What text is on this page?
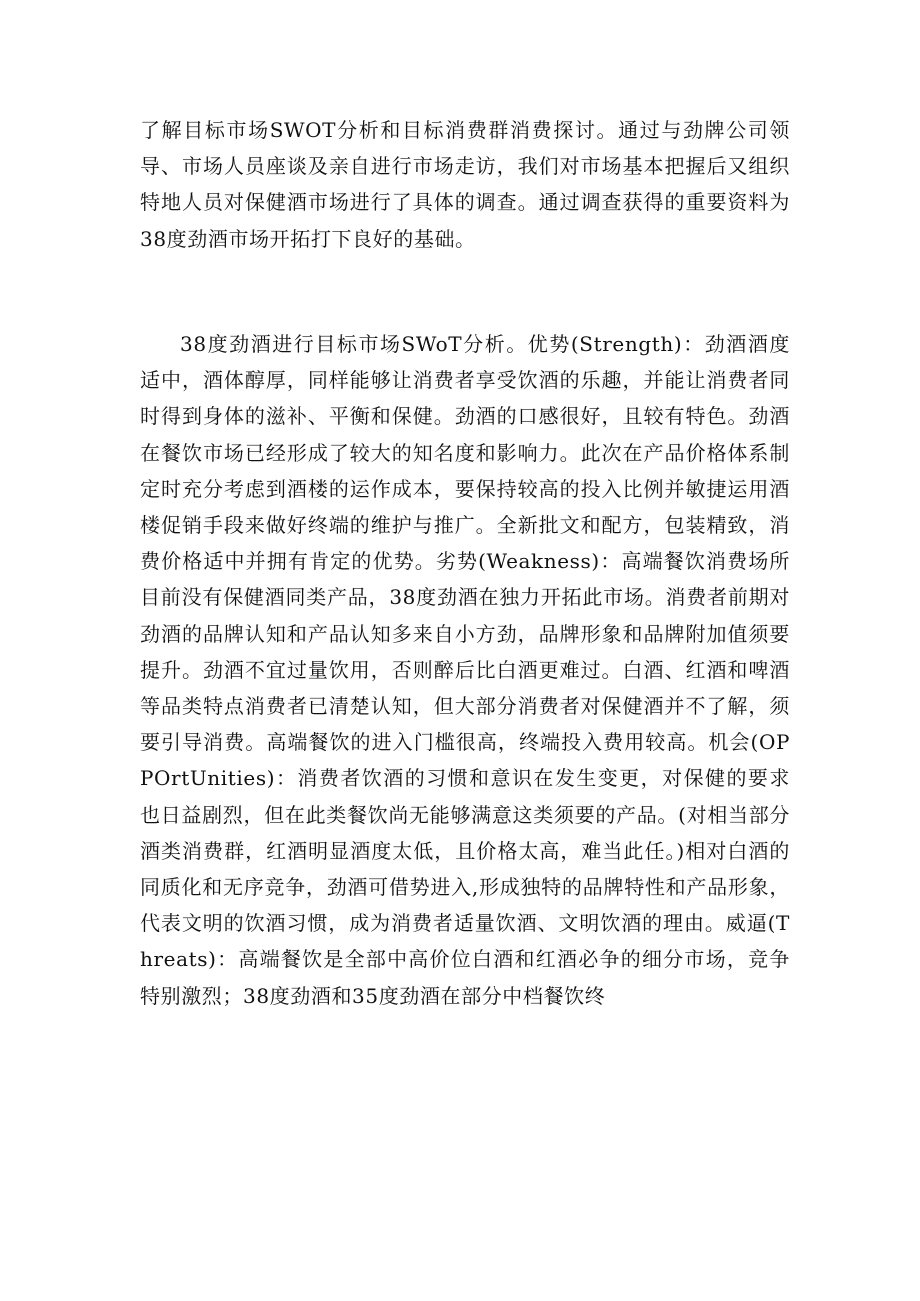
了解目标市场SWOT分析和目标消费群消费探讨。通过与劲牌公司领导、市场人员座谈及亲自进行市场走访，我们对市场基本把握后又组织特地人员对保健酒市场进行了具体的调查。通过调查获得的重要资料为38度劲酒市场开拓打下良好的基础。

38度劲酒进行目标市场SWoT分析。优势(Strength)：劲酒酒度适中，酒体醇厚，同样能够让消费者享受饮酒的乐趣，并能让消费者同时得到身体的滋补、平衡和保健。劲酒的口感很好，且较有特色。劲酒在餐饮市场已经形成了较大的知名度和影响力。此次在产品价格体系制定时充分考虑到酒楼的运作成本，要保持较高的投入比例并敏捷运用酒楼促销手段来做好终端的维护与推广。全新批文和配方，包装精致，消费价格适中并拥有肯定的优势。劣势(Weakness)：高端餐饮消费场所目前没有保健酒同类产品，38度劲酒在独力开拓此市场。消费者前期对劲酒的品牌认知和产品认知多来自小方劲，品牌形象和品牌附加值须要提升。劲酒不宜过量饮用，否则醉后比白酒更难过。白酒、红酒和啤酒等品类特点消费者已清楚认知，但大部分消费者对保健酒并不了解，须要引导消费。高端餐饮的进入门槛很高，终端投入费用较高。机会(OPPOrtUnities)：消费者饮酒的习惯和意识在发生变更，对保健的要求也日益剧烈，但在此类餐饮尚无能够满意这类须要的产品。(对相当部分酒类消费群，红酒明显酒度太低，且价格太高，难当此任。)相对白酒的同质化和无序竞争，劲酒可借势进入,形成独特的品牌特性和产品形象，代表文明的饮酒习惯，成为消费者适量饮酒、文明饮酒的理由。威逼(Threats)：高端餐饮是全部中高价位白酒和红酒必争的细分市场，竞争特别激烈；38度劲酒和35度劲酒在部分中档餐饮终
